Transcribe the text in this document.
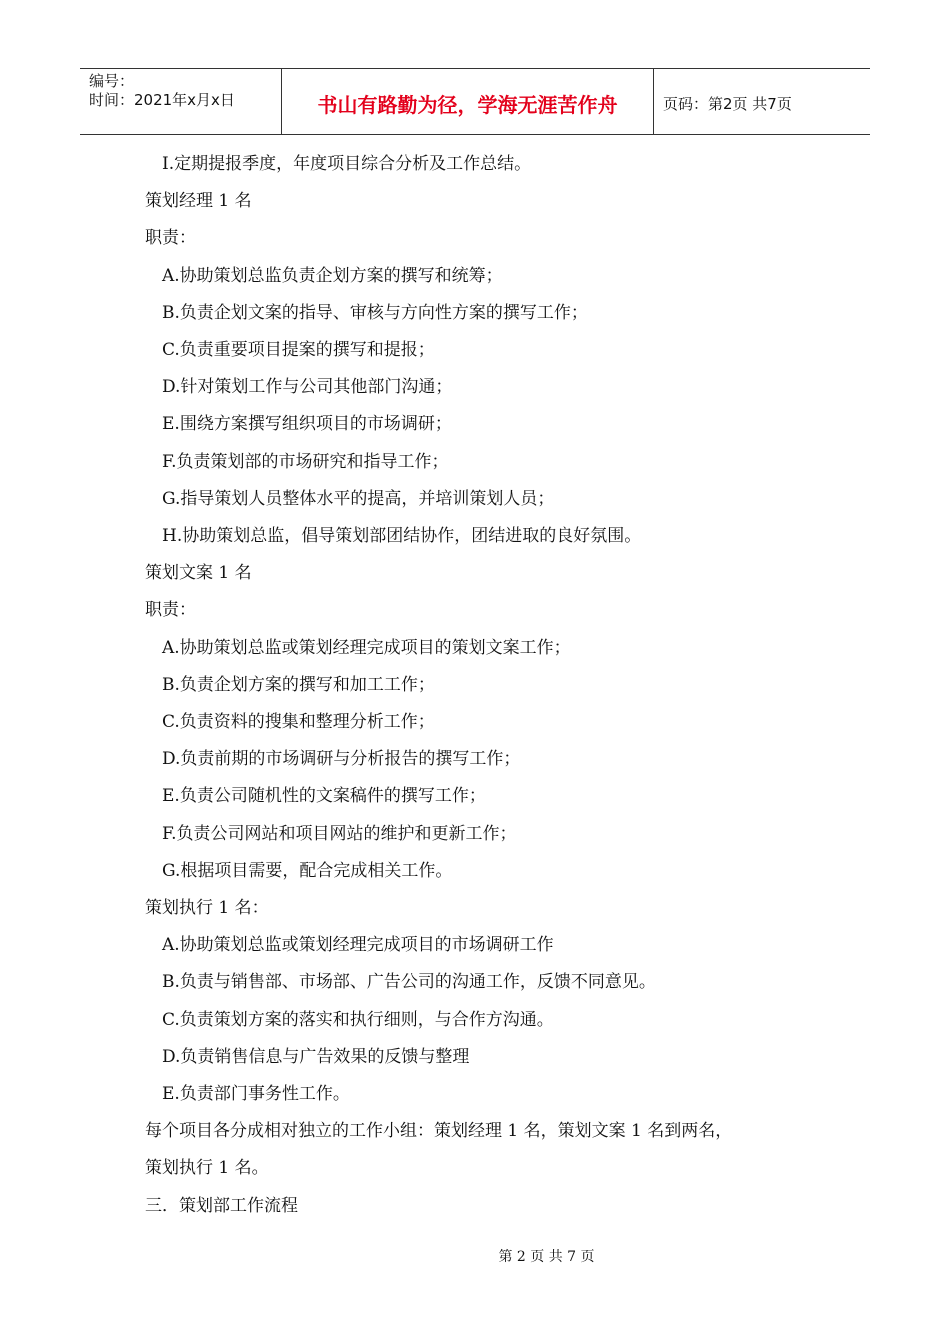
编号：
时间：2021年x月x日	书山有路勤为径，学海无涯苦作舟	页码：第2页 共7页
I.定期提报季度，年度项目综合分析及工作总结。
策划经理 1 名
职责：
A.协助策划总监负责企划方案的撰写和统筹；
B.负责企划文案的指导、审核与方向性方案的撰写工作；
C.负责重要项目提案的撰写和提报；
D.针对策划工作与公司其他部门沟通；
E.围绕方案撰写组织项目的市场调研；
F.负责策划部的市场研究和指导工作；
G.指导策划人员整体水平的提高，并培训策划人员；
H.协助策划总监，倡导策划部团结协作，团结进取的良好氛围。
策划文案 1 名
职责：
A.协助策划总监或策划经理完成项目的策划文案工作；
B.负责企划方案的撰写和加工工作；
C.负责资料的搜集和整理分析工作；
D.负责前期的市场调研与分析报告的撰写工作；
E.负责公司随机性的文案稿件的撰写工作；
F.负责公司网站和项目网站的维护和更新工作；
G.根据项目需要，配合完成相关工作。
策划执行 1 名：
A.协助策划总监或策划经理完成项目的市场调研工作
B.负责与销售部、市场部、广告公司的沟通工作，反馈不同意见。
C.负责策划方案的落实和执行细则，与合作方沟通。
D.负责销售信息与广告效果的反馈与整理
E.负责部门事务性工作。
每个项目各分成相对独立的工作小组：策划经理 1 名，策划文案 1 名到两名，
策划执行 1 名。
三．策划部工作流程
第 2 页 共 7 页
